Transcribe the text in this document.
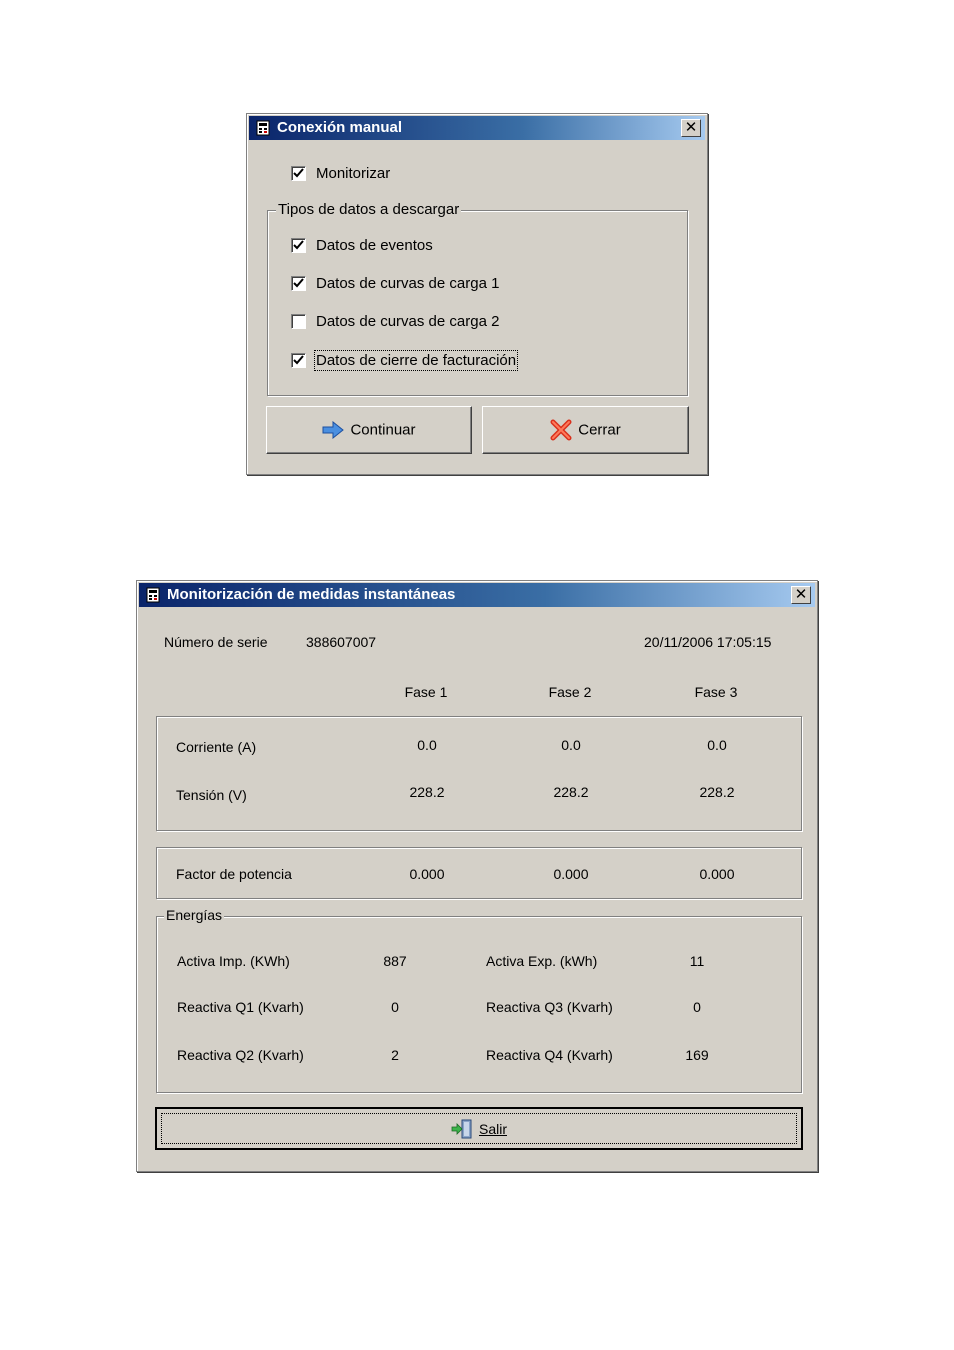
Conexión manual	✕
Monitorizar
Tipos de datos a descargar
Datos de eventos
Datos de curvas de carga 1
Datos de curvas de carga 2
Datos de cierre de facturación
Continuar	Cerrar
Monitorización de medidas instantáneas	✕
Número de serie	388607007	20/11/2006 17:05:15
Fase 1	Fase 2	Fase 3
Corriente (A)	0.0	0.0	0.0
Tensión (V)	228.2	228.2	228.2
Factor de potencia	0.000	0.000	0.000
Energías
Activa Imp. (KWh)	887	Activa Exp. (kWh)	11
Reactiva Q1 (Kvarh)	0	Reactiva Q3 (Kvarh)	0
Reactiva Q2 (Kvarh)	2	Reactiva Q4 (Kvarh)	169
Salir
